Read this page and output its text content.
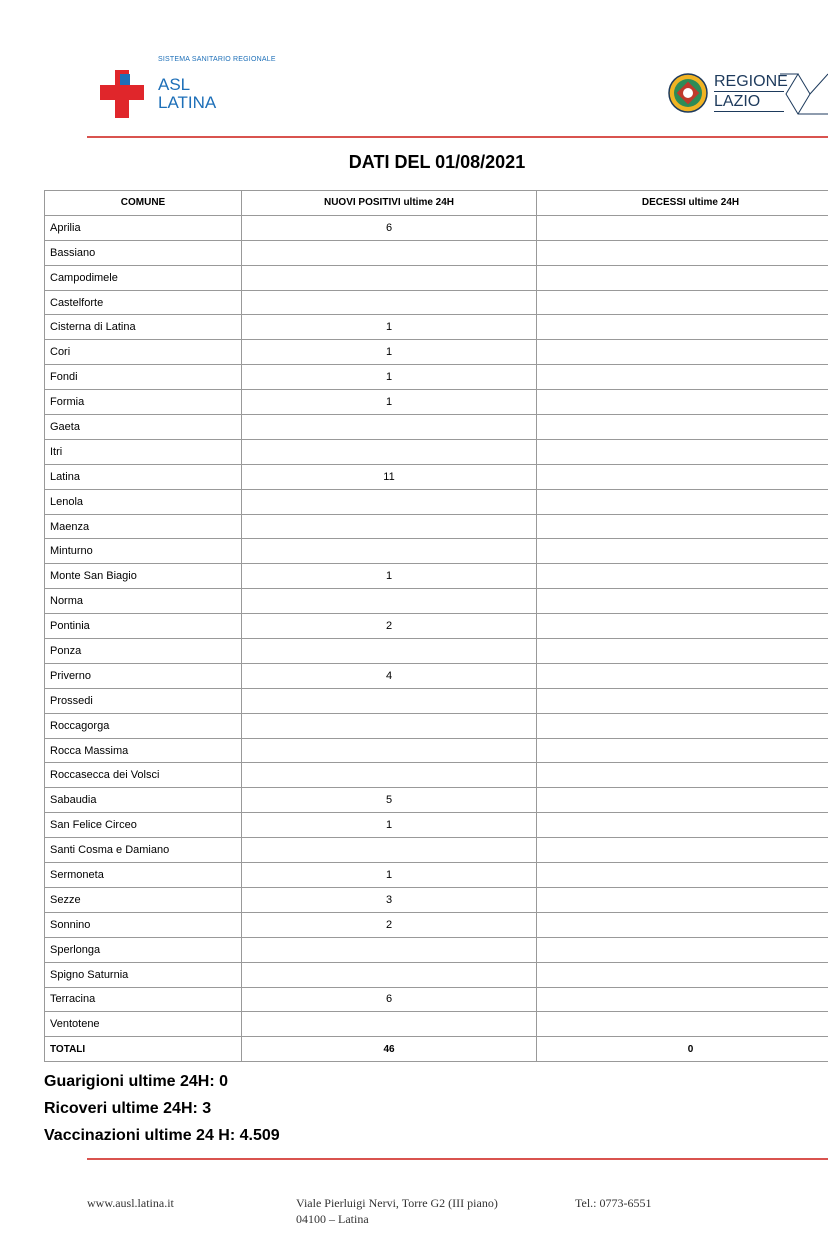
SISTEMA SANITARIO REGIONALE
ASL
LATINA
REGIONE
LAZIO
DATI DEL 01/08/2021
COMUNE	NUOVI POSITIVI ultime 24H	DECESSI ultime 24H
Aprilia	6	
Bassiano		
Campodimele		
Castelforte		
Cisterna di Latina	1	
Cori	1	
Fondi	1	
Formia	1	
Gaeta		
Itri		
Latina	11	
Lenola		
Maenza		
Minturno		
Monte San Biagio	1	
Norma		
Pontinia	2	
Ponza		
Priverno	4	
Prossedi		
Roccagorga		
Rocca Massima		
Roccasecca dei Volsci		
Sabaudia	5	
San Felice Circeo	1	
Santi Cosma e Damiano		
Sermoneta	1	
Sezze	3	
Sonnino	2	
Sperlonga		
Spigno Saturnia		
Terracina	6	
Ventotene		
TOTALI	46	0
Guarigioni ultime 24H: 0
Ricoveri ultime 24H: 3
Vaccinazioni ultime 24 H: 4.509
www.ausl.latina.it	Viale Pierluigi Nervi, Torre G2 (III piano)
04100 – Latina
Tel.: 0773-6551
